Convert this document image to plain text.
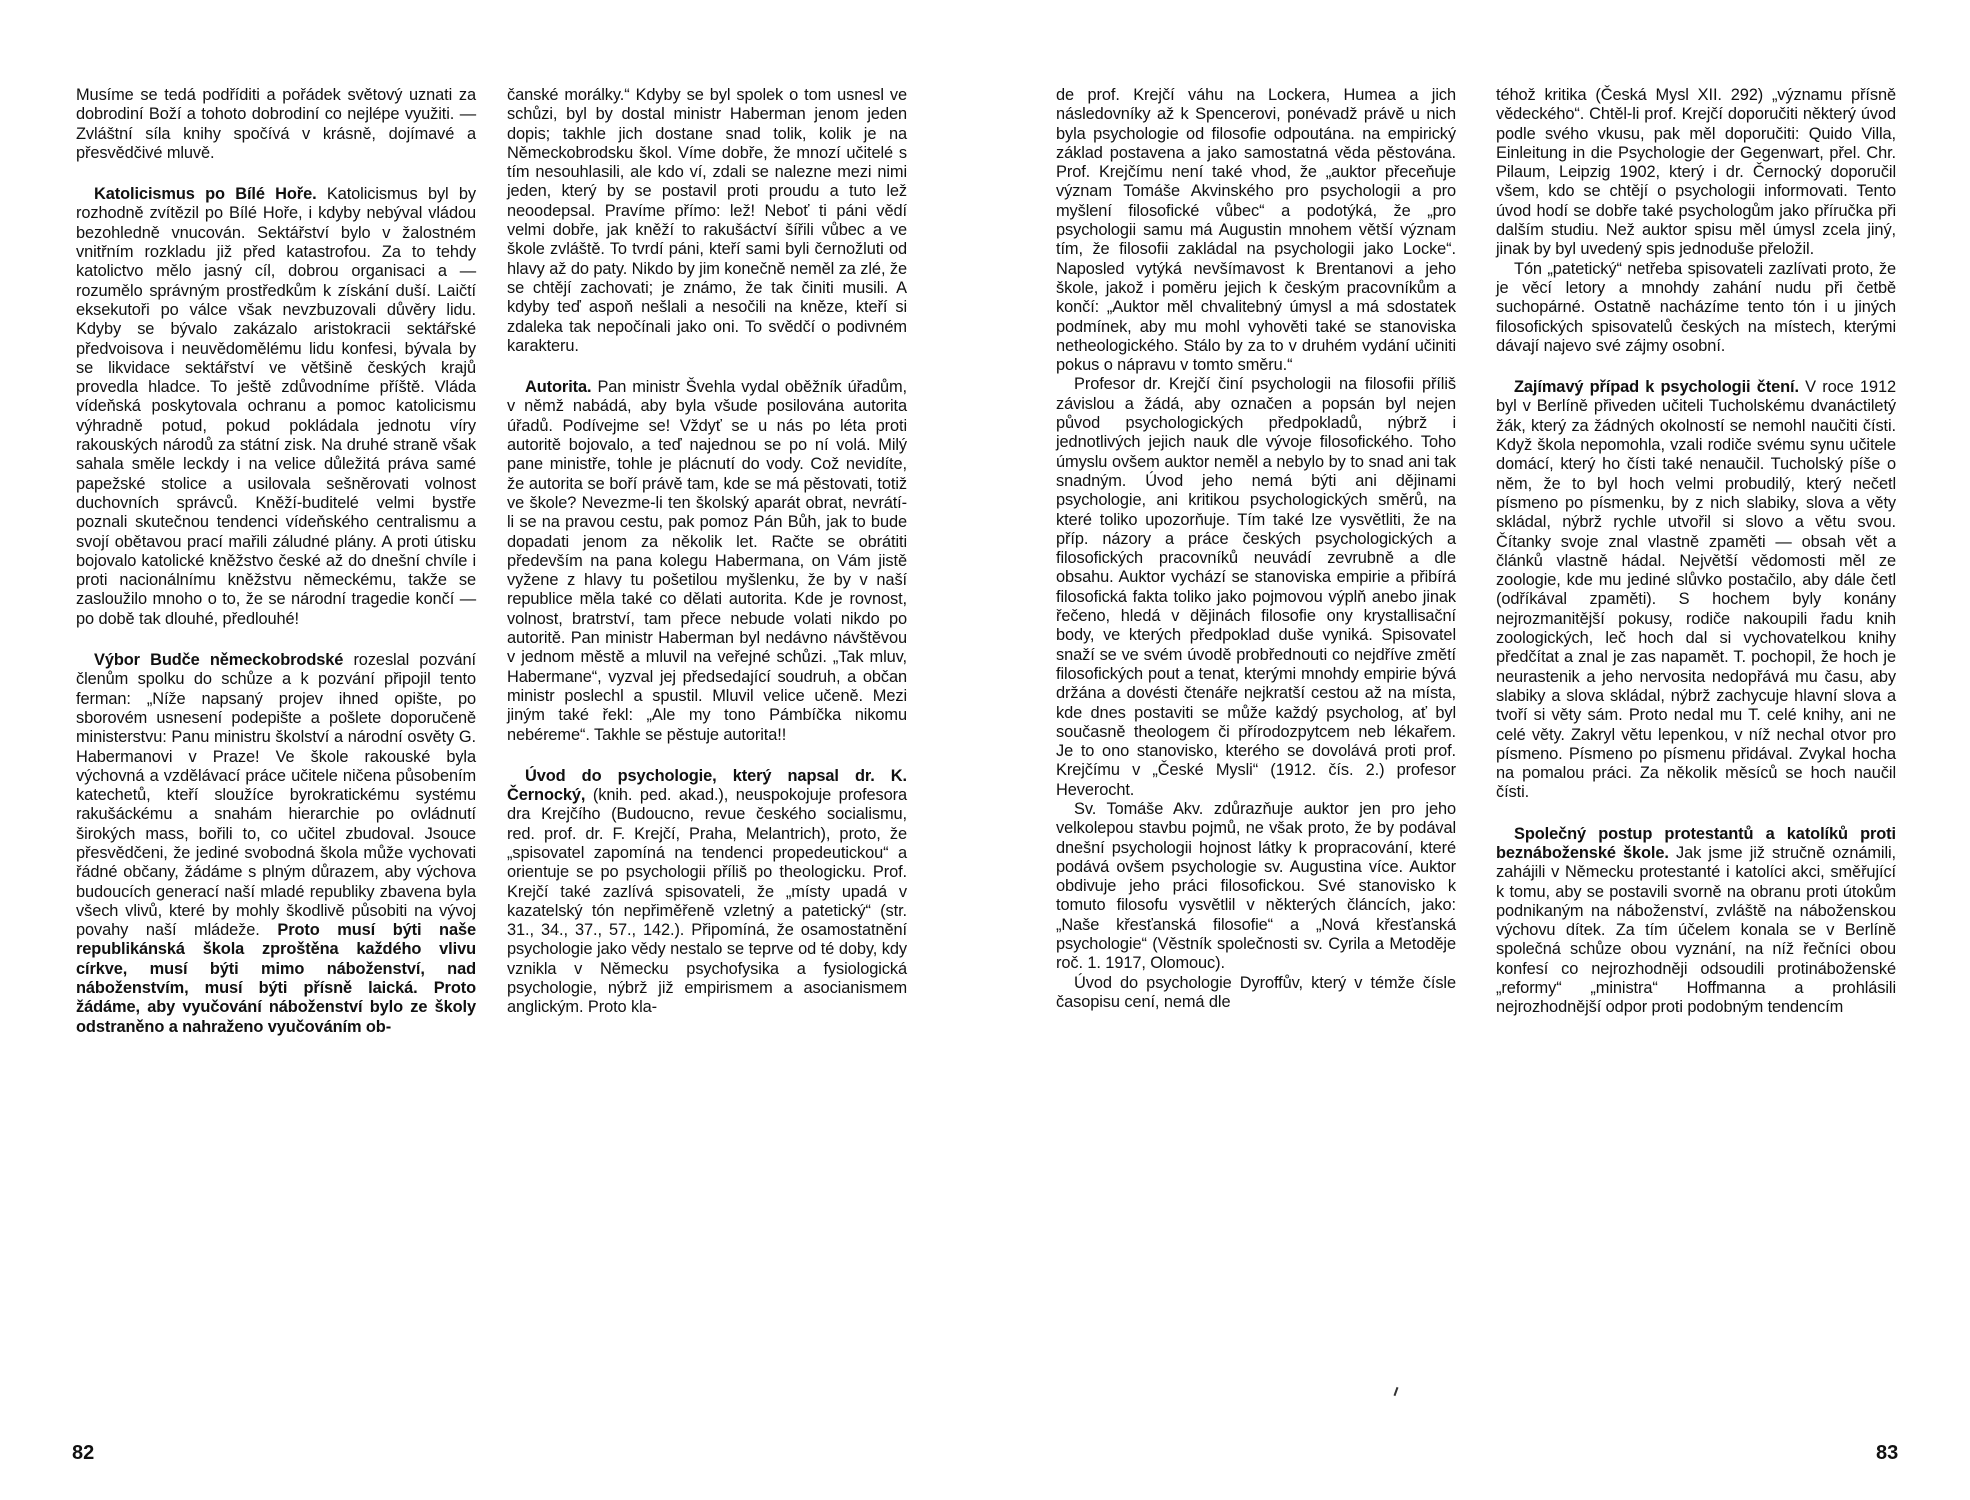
Musíme se tedá podříditi a pořádek světový uznati za dobrodiní Boží a tohoto dobrodiní co nejlépe využiti. — Zvláštní síla knihy spočívá v krásně, dojímavé a přesvědčivé mluvě.

Katolicismus po Bílé Hoře. Katolicismus byl by rozhodně zvítězil po Bílé Hoře, i kdyby nebýval vládou bezohledně vnucován. Sektářství bylo v žalostném vnitřním rozkladu již před katastrofou. Za to tehdy katolictvo mělo jasný cíl, dobrou organisaci a — rozumělo správným prostředkům k získání duší. Laičtí eksekutoři po válce však nevzbuzovali důvěry lidu. Kdyby se bývalo zakázalo aristokracii sektářské předvoisova i neuvědomělému lidu konfesi, bývala by se likvidace sektářství ve většině českých krajů provedla hladce. To ještě zdůvodníme příště. Vláda vídeňská poskytovala ochranu a pomoc katolicismu výhradně potud, pokud pokládala jednotu víry rakouských národů za státní zisk. Na druhé straně však sahala směle leckdy i na velice důležitá práva samé papežské stolice a usilovala sešněrovati volnost duchovních správců. Kněží-buditelé velmi bystře poznali skutečnou tendenci vídeňského centralismu a svojí obětavou prací mařili záludné plány. A proti útisku bojovalo katolické kněžstvo české až do dnešní chvíle i proti nacionálnímu kněžstvu německému, takže se zasloužilo mnoho o to, že se národní tragedie končí — po době tak dlouhé, předlouhé!

Výbor Budče německobrodské rozeslal pozvání členům spolku do schůze a k pozvání připojil tento ferman: „Níže napsaný projev ihned opište, po sborovém usnesení podepište a pošlete doporučeně ministerstvu: Panu ministru školství a národní osvěty G. Habermanovi v Praze! Ve škole rakouské byla výchovná a vzdělávací práce učitele ničena působením katechetů, kteří sloužíce byrokratickému systému rakušáckému a snahám hierarchie po ovládnutí širokých mass, bořili to, co učitel zbudoval. Jsouce přesvědčeni, že jediné svobodná škola může vychovati řádné občany, žádáme s plným důrazem, aby výchova budoucích generací naší mladé republiky zbavena byla všech vlivů, které by mohly škodlivě působiti na vývoj povahy naší mládeže. Proto musí býti naše republikánská škola zproštěna každého vlivu církve, musí býti mimo náboženství, nad náboženstvím, musí býti přísně laická. Proto žádáme, aby vyučování náboženství bylo ze školy odstraněno a nahraženo vyučováním ob-

čanské morálky.“ Kdyby se byl spolek o tom usnesl ve schůzi, byl by dostal ministr Haberman jenom jeden dopis; takhle jich dostane snad tolik, kolik je na Německobrodsku škol. Víme dobře, že mnozí učitelé s tím nesouhlasili, ale kdo ví, zdali se nalezne mezi nimi jeden, který by se postavil proti proudu a tuto lež neoodepsal. Pravíme přímo: lež! Neboť ti páni vědí velmi dobře, jak kněží to rakušáctví šířili vůbec a ve škole zvláště. To tvrdí páni, kteří sami byli černožluti od hlavy až do paty. Nikdo by jim konečně neměl za zlé, že se chtějí zachovati; je známo, že tak činiti musili. A kdyby teď aspoň nešlali a nesočili na kněze, kteří si zdaleka tak nepočínali jako oni. To svědčí o podivném karakteru.

Autorita. Pan ministr Švehla vydal oběžník úřadům, v němž nabádá, aby byla všude posilována autorita úřadů. Podívejme se! Vždyť se u nás po léta proti autoritě bojovalo, a teď najednou se po ní volá. Milý pane ministře, tohle je plácnutí do vody. Což nevidíte, že autorita se boří právě tam, kde se má pěstovati, totiž ve škole? Nevezme-li ten školský aparát obrat, nevrátí-li se na pravou cestu, pak pomoz Pán Bůh, jak to bude dopadati jenom za několik let. Račte se obrátiti především na pana kolegu Habermana, on Vám jistě vyžene z hlavy tu pošetilou myšlenku, že by v naší republice měla také co dělati autorita. Kde je rovnost, volnost, bratrství, tam přece nebude volati nikdo po autoritě. Pan ministr Haberman byl nedávno návštěvou v jednom městě a mluvil na veřejné schůzi. „Tak mluv, Habermane“, vyzval jej předsedající soudruh, a občan ministr poslechl a spustil. Mluvil velice učeně. Mezi jiným také řekl: „Ale my tono Pámbíčka nikomu nebéreme“. Takhle se pěstuje autorita!!

Úvod do psychologie, který napsal dr. K. Černocký, (knih. ped. akad.), neuspokojuje profesora dra Krejčího (Budoucno, revue českého socialismu, red. prof. dr. F. Krejčí, Praha, Melantrich), proto, že „spisovatel zapomíná na tendenci propedeutickou“ a orientuje se po psychologii příliš po theologicku. Prof. Krejčí také zazlívá spisovateli, že „místy upadá v kazatelský tón nepřiměřeně vzletný a patetický“ (str. 31., 34., 37., 57., 142.). Připomíná, že osamostatnění psychologie jako vědy nestalo se teprve od té doby, kdy vznikla v Německu psychofysika a fysiologická psychologie, nýbrž již empirismem a asocianismem anglickým. Proto kla-

de prof. Krejčí váhu na Lockera, Humea a jich následovníky až k Spencerovi, ponévadž právě u nich byla psychologie od filosofie odpoutána. na empirický základ postavena a jako samostatná věda pěstována. Prof. Krejčímu není také vhod, že „auktor přeceňuje význam Tomáše Akvinského pro psychologii a pro myšlení filosofické vůbec“ a podotýká, že „pro psychologii samu má Augustin mnohem větší význam tím, že filosofii zakládal na psychologii jako Locke“. Naposled vytýká nevšímavost k Brentanovi a jeho škole, jakož i poměru jejich k českým pracovníkům a končí: „Auktor měl chvalitebný úmysl a má sdostatek podmínek, aby mu mohl vyhověti také se stanoviska netheologického. Stálo by za to v druhém vydání učiniti pokus o nápravu v tomto směru.“

Profesor dr. Krejčí činí psychologii na filosofii příliš závislou a žádá, aby označen a popsán byl nejen původ psychologických předpokladů, nýbrž i jednotlivých jejich nauk dle vývoje filosofického. Toho úmyslu ovšem auktor neměl a nebylo by to snad ani tak snadným. Úvod jeho nemá býti ani dějinami psychologie, ani kritikou psychologických směrů, na které toliko upozorňuje. Tím také lze vysvětliti, že na příp. názory a práce českých psychologických a filosofických pracovníků neuvádí zevrubně a dle obsahu. Auktor vychází se stanoviska empirie a přibírá filosofická fakta toliko jako pojmovou výplň anebo jinak řečeno, hledá v dějinách filosofie ony krystallisační body, ve kterých předpoklad duše vyniká. Spisovatel snaží se ve svém úvodě probřednouti co nejdříve změtí filosofických pout a tenat, kterými mnohdy empirie bývá držána a dovésti čtenáře nejkratší cestou až na místa, kde dnes postaviti se může každý psycholog, ať byl současně theologem či přírodozpytcem neb lékařem. Je to ono stanovisko, kterého se dovolává proti prof. Krejčímu v „České Mysli“ (1912. čís. 2.) profesor Heverocht.

Sv. Tomáše Akv. zdůrazňuje auktor jen pro jeho velkolepou stavbu pojmů, ne však proto, že by podával dnešní psychologii hojnost látky k propracování, které podává ovšem psychologie sv. Augustina více. Auktor obdivuje jeho práci filosofickou. Své stanovisko k tomuto filosofu vysvětlil v některých článcích, jako: „Naše křesťanská filosofie“ a „Nová křesťanská psychologie“ (Věstník společnosti sv. Cyrila a Metoděje roč. 1. 1917, Olomouc).

Úvod do psychologie Dyroffův, který v témže čísle časopisu cení, nemá dle

téhož kritika (Česká Mysl XII. 292) „významu přísně vědeckého“. Chtěl-li prof. Krejčí doporučiti některý úvod podle svého vkusu, pak měl doporučiti: Quido Villa, Einleitung in die Psychologie der Gegenwart, přel. Chr. Pilaum, Leipzig 1902, který i dr. Černocký doporučil všem, kdo se chtějí o psychologii informovati. Tento úvod hodí se dobře také psychologům jako příručka při dalším studiu. Než auktor spisu měl úmysl zcela jiný, jinak by byl uvedený spis jednoduše přeložil.

Tón „patetický“ netřeba spisovateli zazlívati proto, že je věcí letory a mnohdy zahání nudu při četbě suchopárné. Ostatně nacházíme tento tón i u jiných filosofických spisovatelů českých na místech, kterými dávají najevo své zájmy osobní.

Zajímavý případ k psychologii čtení. V roce 1912 byl v Berlíně přiveden učiteli Tucholskému dvanáctiletý žák, který za žádných okolností se nemohl naučiti čísti. Když škola nepomohla, vzali rodiče svému synu učitele domácí, který ho čísti také nenaučil. Tucholský píše o něm, že to byl hoch velmi probudilý, který nečetl písmeno po písmenku, by z nich slabiky, slova a věty skládal, nýbrž rychle utvořil si slovo a větu svou. Čítanky svoje znal vlastně zpaměti — obsah vět a článků vlastně hádal. Největší vědomosti měl ze zoologie, kde mu jediné slůvko postačilo, aby dále četl (odříkával zpaměti). S hochem byly konány nejrozmanitější pokusy, rodiče nakoupili řadu knih zoologických, leč hoch dal si vychovatelkou knihy předčítat a znal je zas napamět. T. pochopil, že hoch je neurastenik a jeho nervosita nedopřává mu času, aby slabiky a slova skládal, nýbrž zachycuje hlavní slova a tvoří si věty sám. Proto nedal mu T. celé knihy, ani ne celé věty. Zakryl větu lepenkou, v níž nechal otvor pro písmeno. Písmeno po písmenu přidával. Zvykal hocha na pomalou práci. Za několik měsíců se hoch naučil čísti.

Společný postup protestantů a katolíků proti beznáboženské škole. Jak jsme již stručně oznámili, zahájili v Německu protestanté i katolíci akci, směřující k tomu, aby se postavili svorně na obranu proti útokům podnikaným na náboženství, zvláště na náboženskou výchovu dítek. Za tím účelem konala se v Berlíně společná schůze obou vyznání, na níž řečníci obou konfesí co nejrozhodněji odsoudili protináboženské „reformy“ „ministra“ Hoffmanna a prohlásili nejrozhodnější odpor proti podobným tendencím

82	83
